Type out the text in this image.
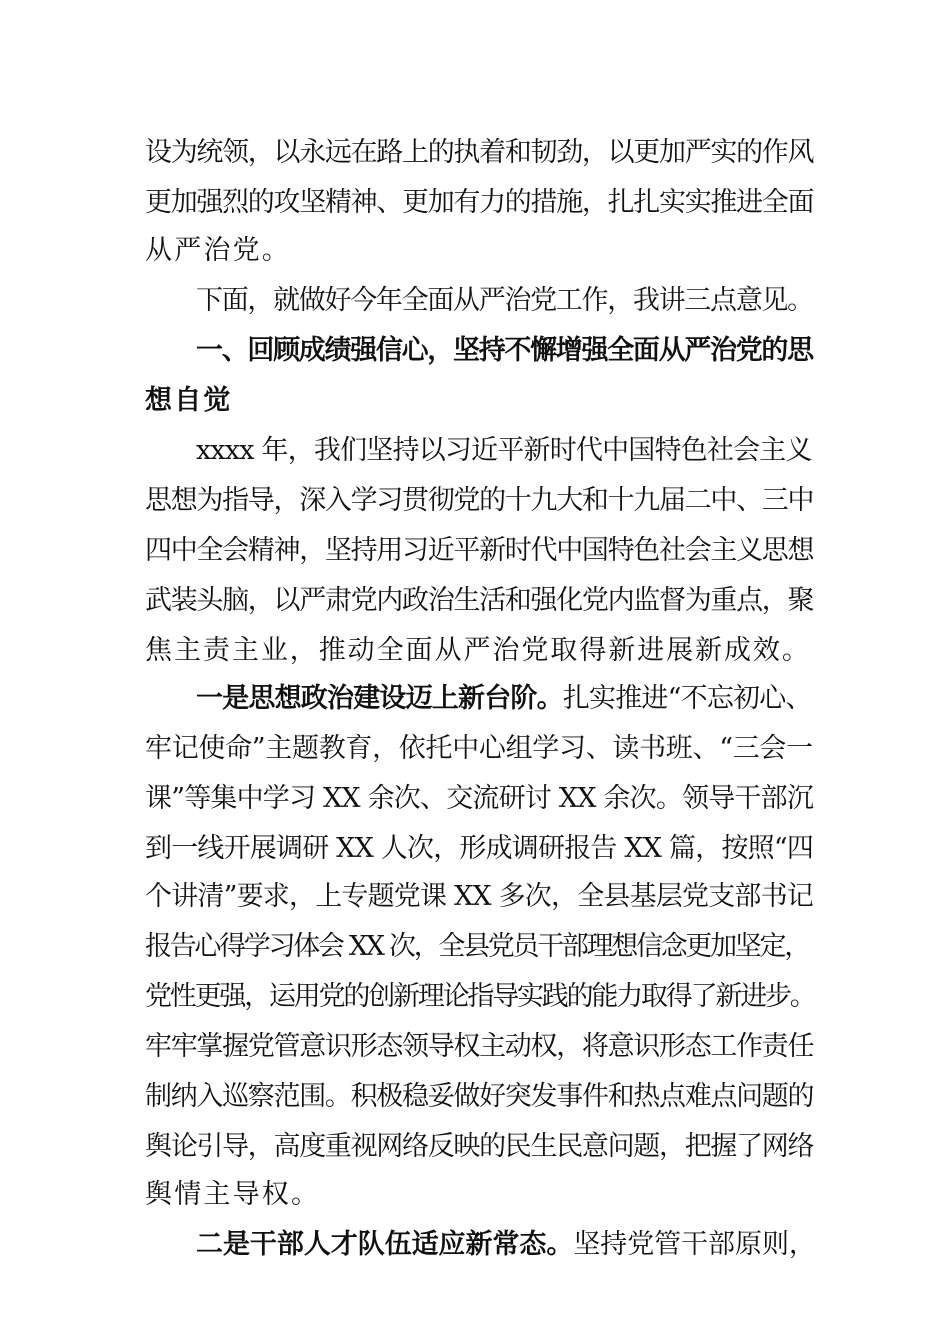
设为统领，以永远在路上的执着和韧劲，以更加严实的作风
更加强烈的攻坚精神、更加有力的措施，扎扎实实推进全面
从严治党。
下面，就做好今年全面从严治党工作，我讲三点意见。
一、回顾成绩强信心，坚持不懈增强全面从严治党的思
想自觉
xxxx 年，我们坚持以习近平新时代中国特色社会主义
思想为指导，深入学习贯彻党的十九大和十九届二中、三中
四中全会精神，坚持用习近平新时代中国特色社会主义思想
武装头脑，以严肃党内政治生活和强化党内监督为重点，聚
焦主责主业，推动全面从严治党取得新进展新成效。
一是思想政治建设迈上新台阶。扎实推进“不忘初心、
牢记使命”主题教育，依托中心组学习、读书班、“三会一
课”等集中学习 XX 余次、交流研讨 XX 余次。领导干部沉
到一线开展调研 XX 人次，形成调研报告 XX 篇，按照“四
个讲清”要求，上专题党课 XX 多次，全县基层党支部书记
报告心得学习体会 XX 次，全县党员干部理想信念更加坚定，
党性更强，运用党的创新理论指导实践的能力取得了新进步。
牢牢掌握党管意识形态领导权主动权，将意识形态工作责任
制纳入巡察范围。积极稳妥做好突发事件和热点难点问题的
舆论引导，高度重视网络反映的民生民意问题，把握了网络
舆情主导权。
二是干部人才队伍适应新常态。坚持党管干部原则，
